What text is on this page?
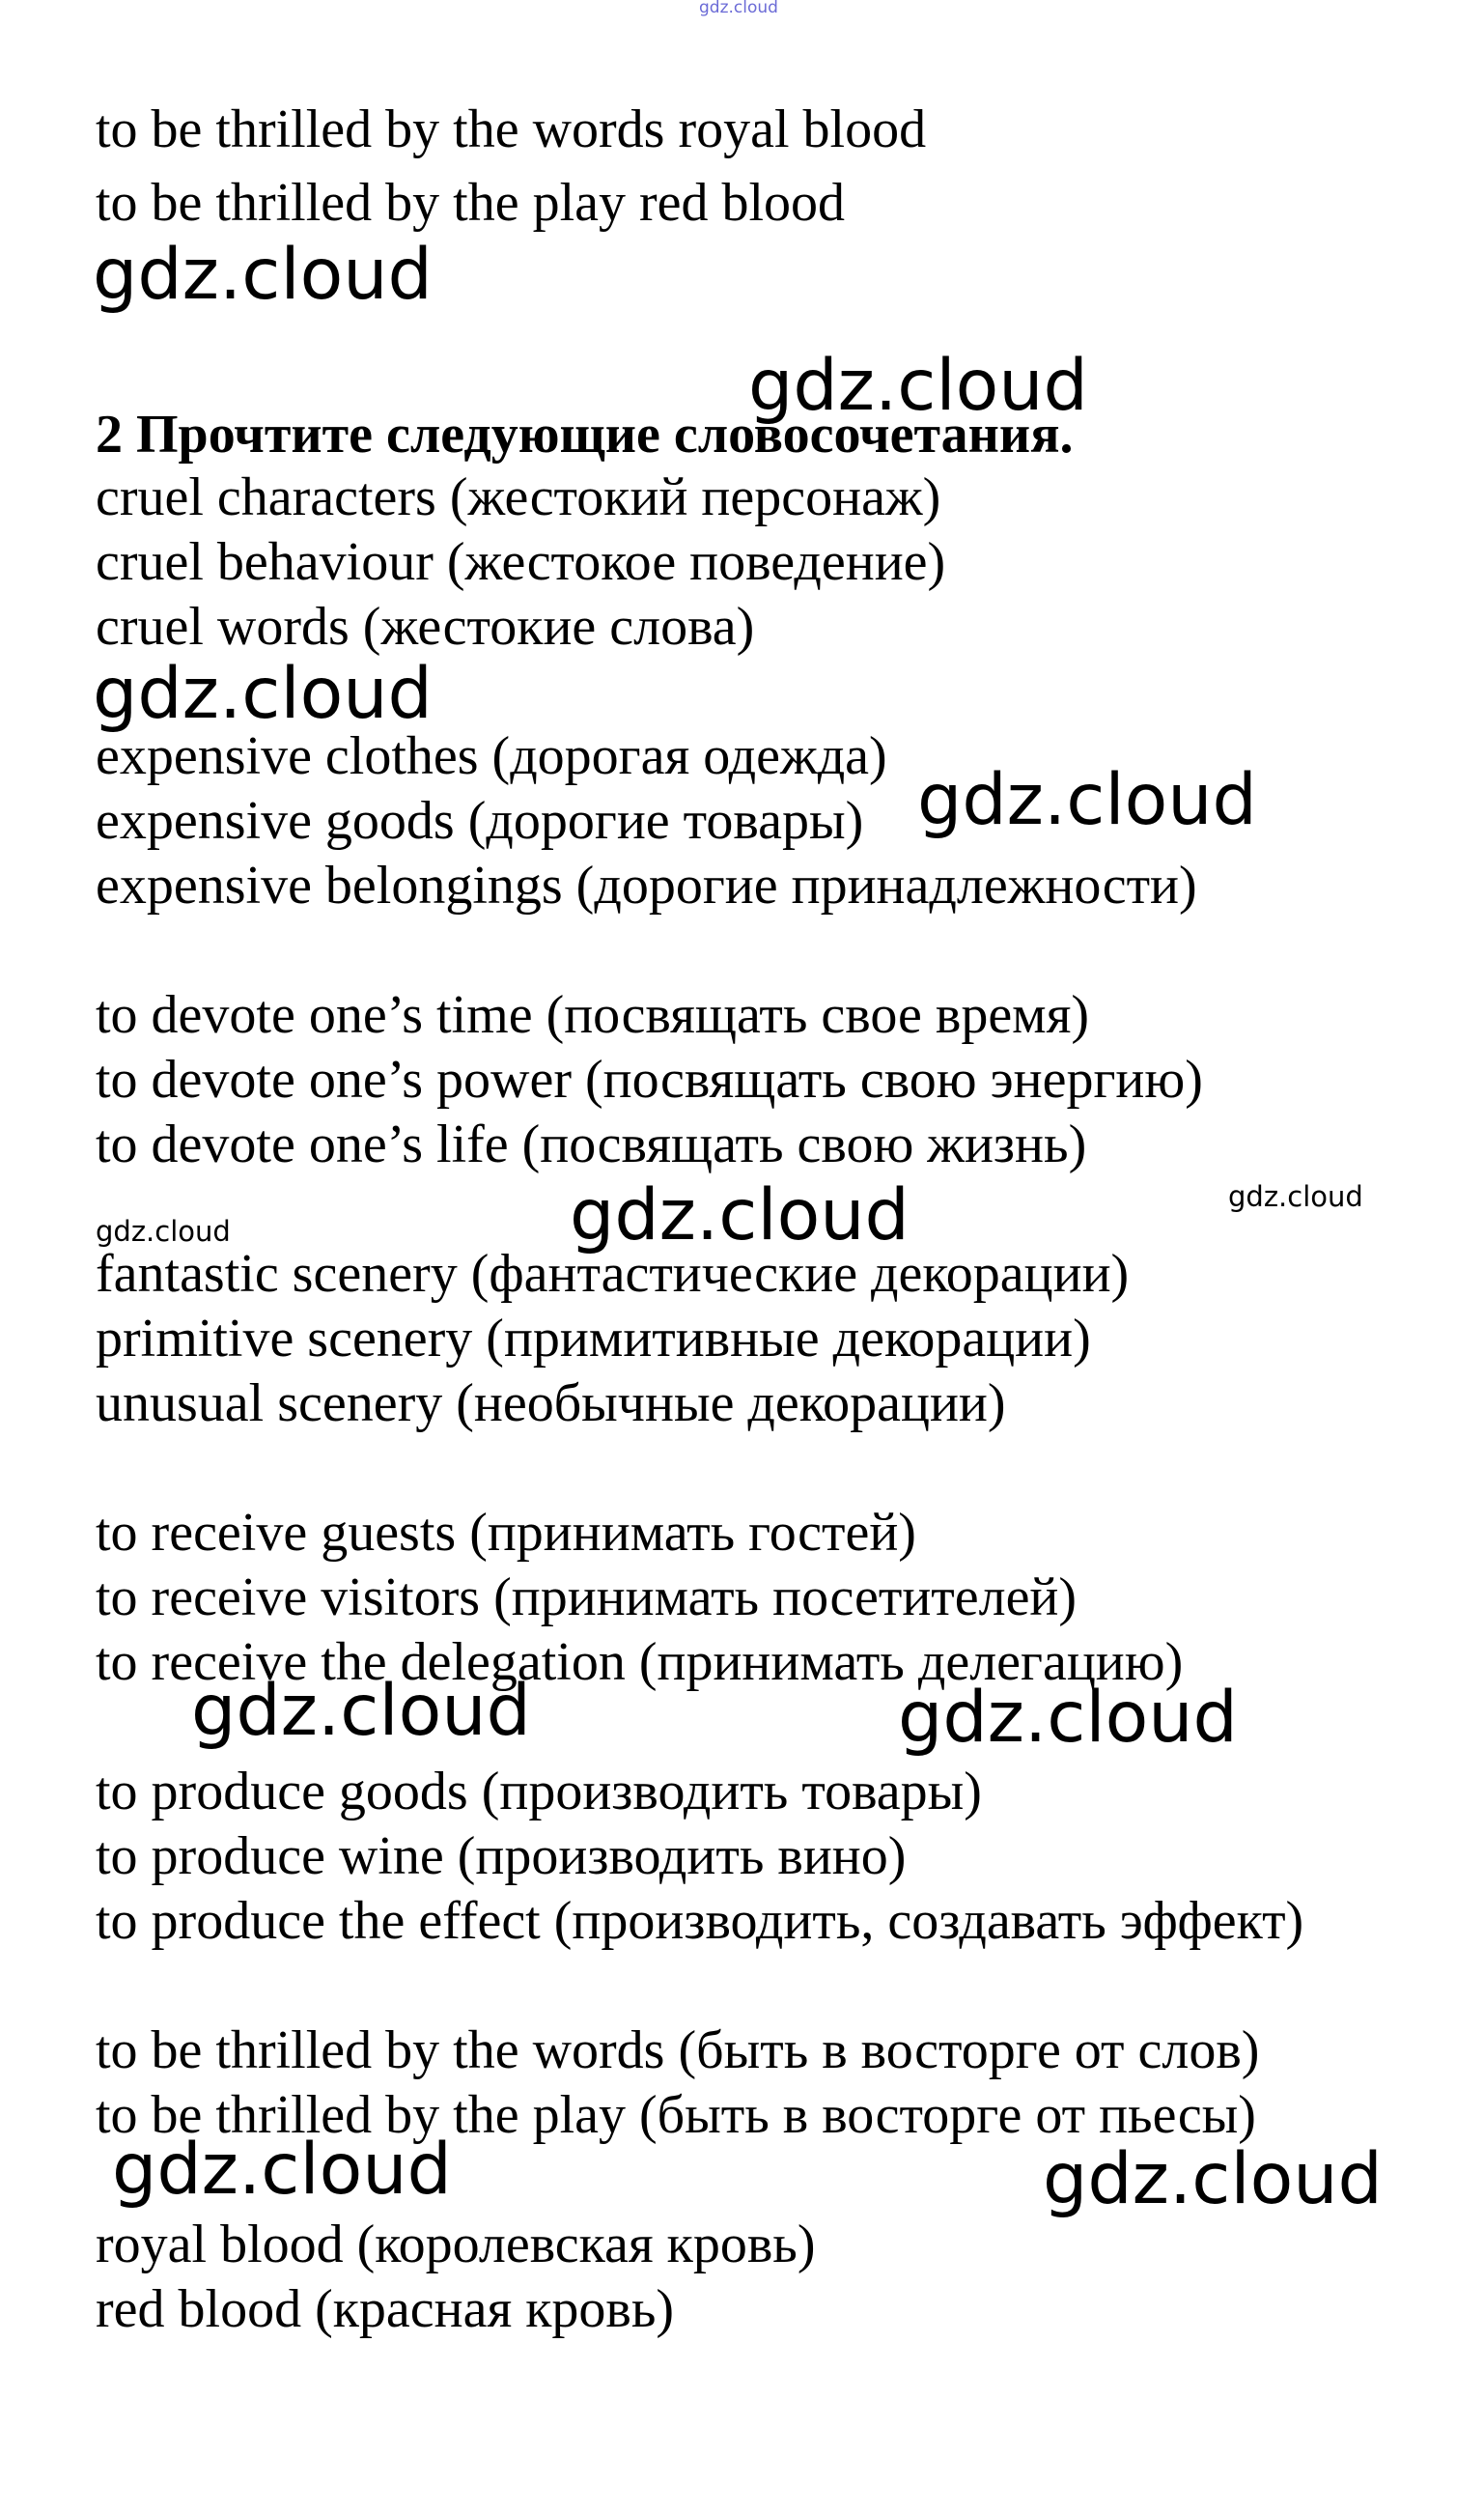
gdz.cloud
to be thrilled by the words royal blood
to be thrilled by the play red blood
gdz.cloud
gdz.cloud
2 Прочтите следующие словосочетания.
cruel characters (жестокий персонаж)
cruel behaviour (жестокое поведение)
cruel words (жестокие слова)
gdz.cloud
expensive clothes (дорогая одежда)
gdz.cloud
expensive goods (дорогие товары)
expensive belongings (дорогие принадлежности)
to devote one’s time (посвящать свое время)
to devote one’s power (посвящать свою энергию)
to devote one’s life (посвящать свою жизнь)
gdz.cloud
gdz.cloud
gdz.cloud
fantastic scenery (фантастические декорации)
primitive scenery (примитивные декорации)
unusual scenery (необычные декорации)
to receive guests (принимать гостей)
to receive visitors (принимать посетителей)
to receive the delegation (принимать делегацию)
gdz.cloud	gdz.cloud
to produce goods (производить товары)
to produce wine (производить вино)
to produce the effect (производить, создавать эффект)
to be thrilled by the words (быть в восторге от слов)
to be thrilled by the play (быть в восторге от пьесы)
gdz.cloud	gdz.cloud
royal blood (королевская кровь)
red blood (красная кровь)
